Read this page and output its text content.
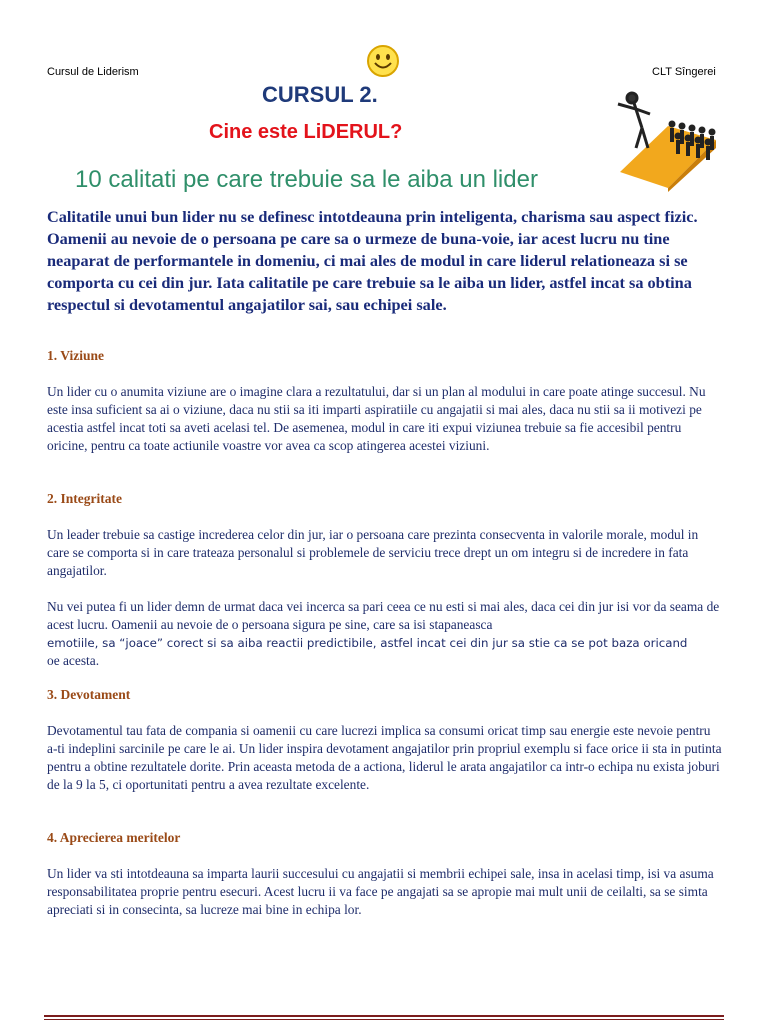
Cursul de Liderism	CLT Sîngerei
CURSUL 2.
Cine este LiDERUL?
10 calitati pe care trebuie sa le aiba un lider

Calitatile unui bun lider nu se definesc intotdeauna prin inteligenta, charisma sau aspect fizic. Oamenii au nevoie de o persoana pe care sa o urmeze de buna-voie, iar acest lucru nu tine neaparat de performantele in domeniu, ci mai ales de modul in care liderul relationeaza si se comporta cu cei din jur. Iata calitatile pe care trebuie sa le aiba un lider, astfel incat sa obtina respectul si devotamentul angajatilor sai, sau echipei sale.

1. Viziune

Un lider cu o anumita viziune are o imagine clara a rezultatului, dar si un plan al modului in care poate atinge succesul. Nu este insa suficient sa ai o viziune, daca nu stii sa iti imparti aspiratiile cu angajatii si mai ales, daca nu stii sa ii motivezi pe acestia astfel incat toti sa aveti acelasi tel. De asemenea, modul in care iti expui viziunea trebuie sa fie accesibil pentru oricine, pentru ca toate actiunile voastre vor avea ca scop atingerea acestei viziuni.

2. Integritate

Un leader trebuie sa castige increderea celor din jur, iar o persoana care prezinta consecventa in valorile morale, modul in care se comporta si in care trateaza personalul si problemele de serviciu trece drept un om integru si de incredere in fata angajatilor.

Nu vei putea fi un lider demn de urmat daca vei incerca sa pari ceea ce nu esti si mai ales, daca cei din jur isi vor da seama de acest lucru. Oamenii au nevoie de o persoana sigura pe sine, care sa isi stapaneasca

emotiile, sa “joace” corect si sa aiba reactii predictibile, astfel incat cei din jur sa stie ca se pot baza oricand

oe acesta.

3. Devotament

Devotamentul tau fata de compania si oamenii cu care lucrezi implica sa consumi oricat timp sau energie este nevoie pentru a-ti indeplini sarcinile pe care le ai. Un lider inspira devotament angajatilor prin propriul exemplu si face orice ii sta in putinta pentru a obtine rezultatele dorite. Prin aceasta metoda de a actiona, liderul le arata angajatilor ca intr-o echipa nu exista joburi de la 9 la 5, ci oportunitati pentru a avea rezultate excelente.

4. Aprecierea meritelor

Un lider va sti intotdeauna sa imparta laurii succesului cu angajatii si membrii echipei sale, insa in acelasi timp, isi va asuma responsabilitatea proprie pentru esecuri. Acest lucru ii va face pe angajati sa se apropie mai mult unii de ceilalti, sa se simta apreciati si in consecinta, sa lucreze mai bine in echipa lor.
